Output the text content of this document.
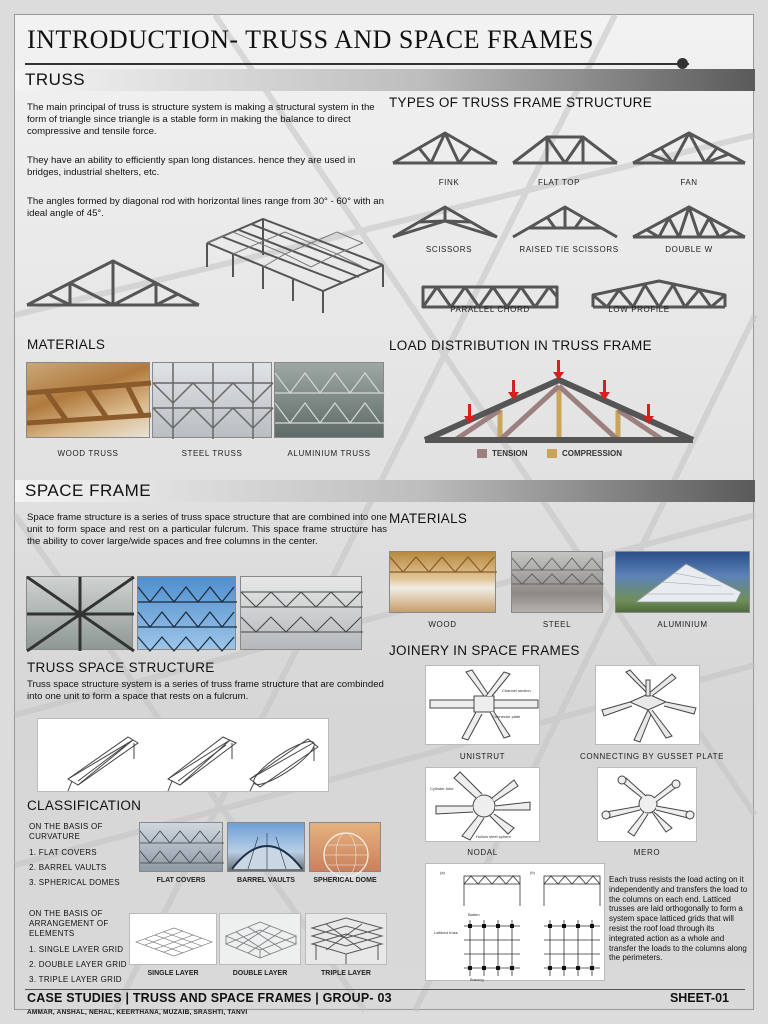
INTRODUCTION- TRUSS AND SPACE FRAMES
TRUSS
The main principal of truss is structure system is making a structural system in the form of triangle since triangle is a stable form in making the balance to direct compressive and tensile force.
They have an ability to efficiently span long distances. hence they are used in bridges, industrial shelters, etc.
The angles formed by diagonal rod with horizontal lines range from 30° - 60° with an ideal angle of 45°.
TYPES OF TRUSS FRAME STRUCTURE
FINK	FLAT TOP	FAN
SCISSORS	RAISED TIE SCISSORS	DOUBLE W
PARALLEL CHORD	LOW PROFILE
MATERIALS
WOOD TRUSS	STEEL TRUSS	ALUMINIUM TRUSS
LOAD DISTRIBUTION IN TRUSS FRAME
TENSION	COMPRESSION
SPACE FRAME
Space frame structure is a series of truss space structure that are combined into one unit to form space and rest on a particular fulcrum. This space frame structure has the ability to cover large/wide spaces and free columns in the center.
MATERIALS
WOOD	STEEL	ALUMINIUM
TRUSS SPACE STRUCTURE
Truss space structure system is a series of truss frame structure that are combinded into one unit to form a space that rests on a fulcrum.
JOINERY IN SPACE FRAMES
Channel section
Connector plate
UNISTRUT	CONNECTING BY GUSSET PLATE
Cylinder tube
Hollow steel sphere
NODAL	MERO
CLASSIFICATION
ON THE BASIS OF CURVATURE
1. FLAT COVERS
2. BARREL VAULTS
3. SPHERICAL DOMES	FLAT COVERS	BARREL VAULTS	SPHERICAL DOME
ON THE BASIS OF ARRANGEMENT OF ELEMENTS
1. SINGLE LAYER GRID
2. DOUBLE LAYER GRID
3. TRIPLE LAYER GRID
SINGLE LAYER	DOUBLE LAYER	TRIPLE LAYER
(a)	(b)
Batten
Latticed truss
Bracing
Each truss resists the load acting on it independently and transfers the load to the columns on each end. Latticed trusses are laid orthogonally to form a system space latticed grids that will resist the roof load through its integrated action as a whole and transfer the loads to the columns along the perimeters.
CASE STUDIES | TRUSS AND SPACE FRAMES | GROUP- 03	SHEET-01
AMMAR, ANSHAL, NEHAL, KEERTHANA, MUZAIB, SRASHTI, TANVI
